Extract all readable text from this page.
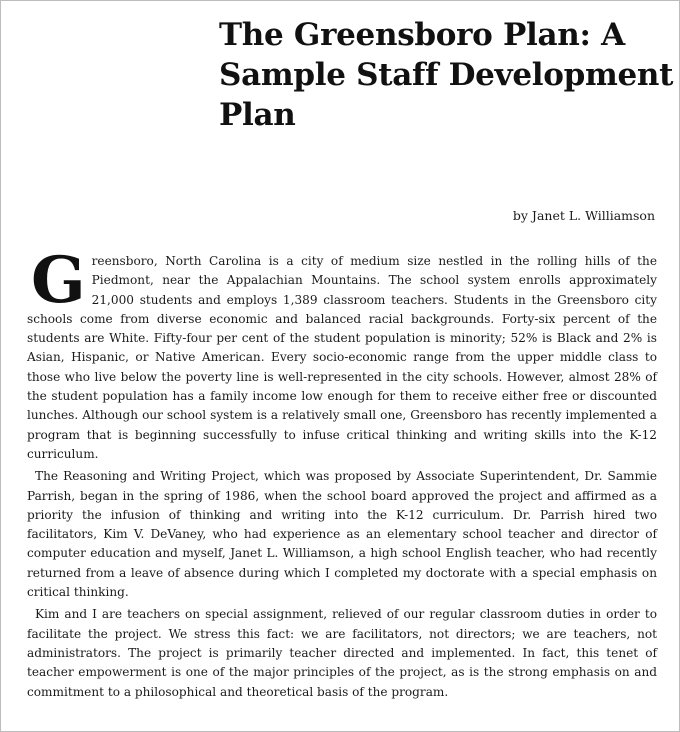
The Greensboro Plan: A Sample Staff Development Plan
by Janet L. Williamson

Greensboro, North Carolina is a city of medium size nestled in the rolling hills of the Piedmont, near the Appalachian Mountains. The school system enrolls approximately 21,000 students and employs 1,389 classroom teachers. Students in the Greensboro city schools come from diverse economic and balanced racial backgrounds. Forty-six percent of the students are White. Fifty-four per cent of the student population is minority; 52% is Black and 2% is Asian, Hispanic, or Native American. Every socio-economic range from the upper middle class to those who live below the poverty line is well-represented in the city schools. However, almost 28% of the student population has a family income low enough for them to receive either free or discounted lunches. Although our school system is a relatively small one, Greensboro has recently implemented a program that is beginning successfully to infuse critical thinking and writing skills into the K-12 curriculum.

The Reasoning and Writing Project, which was proposed by Associate Superintendent, Dr. Sammie Parrish, began in the spring of 1986, when the school board approved the project and affirmed as a priority the infusion of thinking and writing into the K-12 curriculum. Dr. Parrish hired two facilitators, Kim V. DeVaney, who had experience as an elementary school teacher and director of computer education and myself, Janet L. Williamson, a high school English teacher, who had recently returned from a leave of absence during which I completed my doctorate with a special emphasis on critical thinking.

Kim and I are teachers on special assignment, relieved of our regular classroom duties in order to facilitate the project. We stress this fact: we are facilitators, not directors; we are teachers, not administrators. The project is primarily teacher directed and implemented. In fact, this tenet of teacher empowerment is one of the major principles of the project, as is the strong emphasis on and commitment to a philosophical and theoretical basis of the program.
